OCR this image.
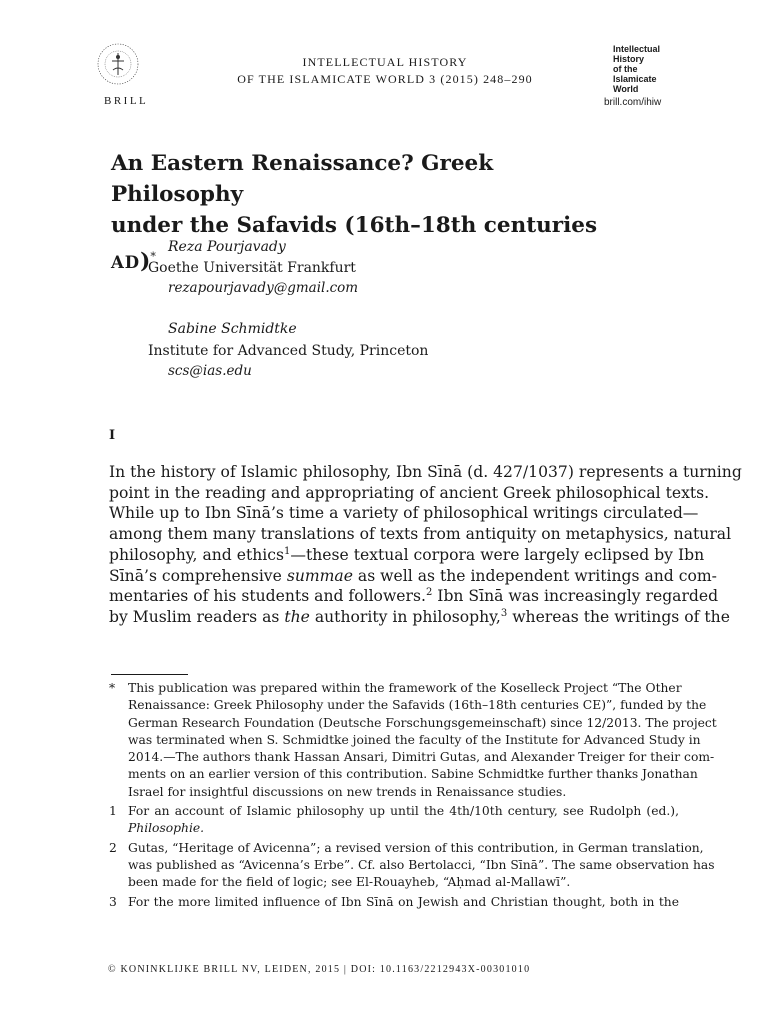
BRILL
INTELLECTUAL HISTORY
OF THE ISLAMICATE WORLD 3 (2015) 248–290
Intellectual
History
of the
Islamicate
World
brill.com/ihiw
An Eastern Renaissance? Greek Philosophy
under the Safavids (16th–18th centuries AD)*
Reza Pourjavady
Goethe Universität Frankfurt
rezapourjavady@gmail.com
Sabine Schmidtke
Institute for Advanced Study, Princeton
scs@ias.edu
I
In the history of Islamic philosophy, Ibn Sīnā (d. 427/1037) represents a turning
point in the reading and appropriating of ancient Greek philosophical texts.
While up to Ibn Sīnā’s time a variety of philosophical writings circulated—
among them many translations of texts from antiquity on metaphysics, natural
philosophy, and ethics$^1$—these textual corpora were largely eclipsed by Ibn
Sīnā’s comprehensive summae as well as the independent writings and com-
mentaries of his students and followers.$^2$ Ibn Sīnā was increasingly regarded
by Muslim readers as the authority in philosophy,$^3$ whereas the writings of the
* This publication was prepared within the framework of the Koselleck Project “The Other
Renaissance: Greek Philosophy under the Safavids (16th–18th centuries CE)”, funded by the
German Research Foundation (Deutsche Forschungsgemeinschaft) since 12/2013. The project
was terminated when S. Schmidtke joined the faculty of the Institute for Advanced Study in
2014.—The authors thank Hassan Ansari, Dimitri Gutas, and Alexander Treiger for their com-
ments on an earlier version of this contribution. Sabine Schmidtke further thanks Jonathan
Israel for insightful discussions on new trends in Renaissance studies.
1 For an account of Islamic philosophy up until the 4th/10th century, see Rudolph (ed.),
Philosophie.
2 Gutas, “Heritage of Avicenna”; a revised version of this contribution, in German translation,
was published as “Avicenna’s Erbe”. Cf. also Bertolacci, “Ibn Sīnā”. The same observation has
been made for the field of logic; see El-Rouayheb, “Aḥmad al-Mallawī”.
3 For the more limited influence of Ibn Sīnā on Jewish and Christian thought, both in the
© KONINKLIJKE BRILL NV, LEIDEN, 2015 | DOI: 10.1163/2212943X-00301010
